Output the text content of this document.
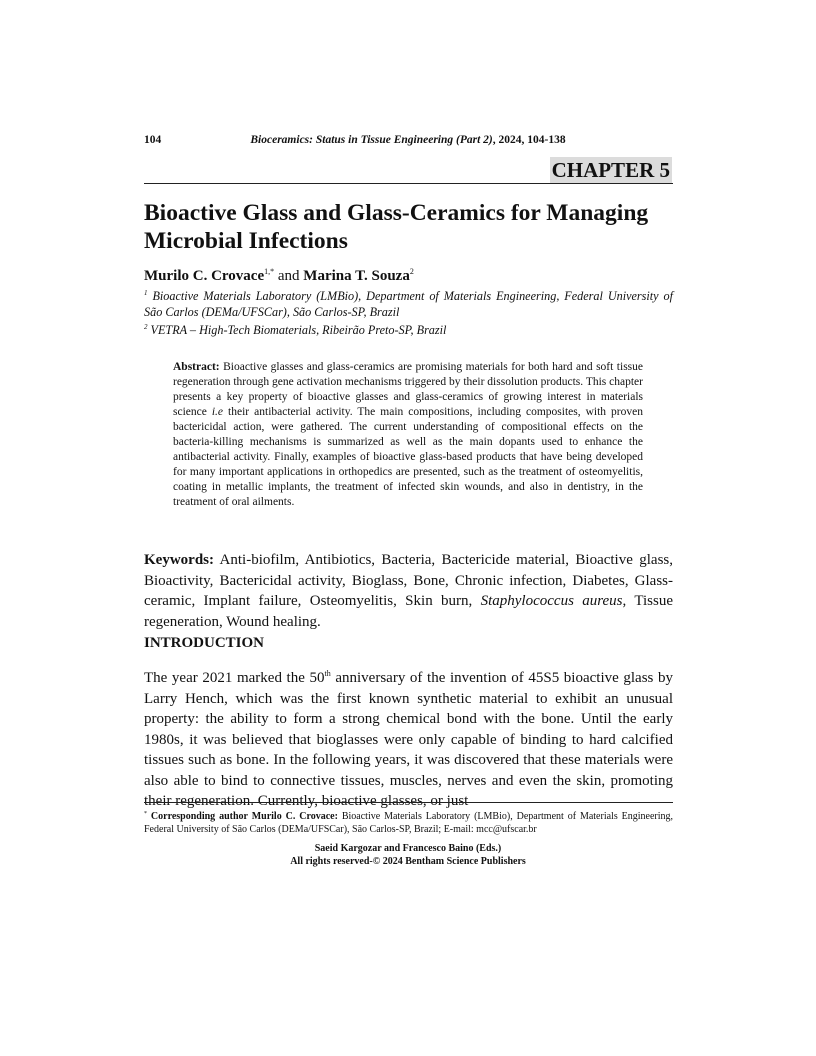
104	Bioceramics: Status in Tissue Engineering (Part 2), 2024, 104-138
CHAPTER 5
Bioactive Glass and Glass-Ceramics for Managing Microbial Infections
Murilo C. Crovace$^{1,*}$ and Marina T. Souza$^2$
$^1$ Bioactive Materials Laboratory (LMBio), Department of Materials Engineering, Federal University of São Carlos (DEMa/UFSCar), São Carlos-SP, Brazil
$^2$ VETRA – High-Tech Biomaterials, Ribeirão Preto-SP, Brazil
Abstract: Bioactive glasses and glass-ceramics are promising materials for both hard and soft tissue regeneration through gene activation mechanisms triggered by their dissolution products. This chapter presents a key property of bioactive glasses and glass-ceramics of growing interest in materials science i.e their antibacterial activity. The main compositions, including composites, with proven bactericidal action, were gathered. The current understanding of compositional effects on the bacteria-killing mechanisms is summarized as well as the main dopants used to enhance the antibacterial activity. Finally, examples of bioactive glass-based products that have being developed for many important applications in orthopedics are presented, such as the treatment of osteomyelitis, coating in metallic implants, the treatment of infected skin wounds, and also in dentistry, in the treatment of oral ailments.
Keywords: Anti-biofilm, Antibiotics, Bacteria, Bactericide material, Bioactive glass, Bioactivity, Bactericidal activity, Bioglass, Bone, Chronic infection, Diabetes, Glass-ceramic, Implant failure, Osteomyelitis, Skin burn, Staphylococcus aureus, Tissue regeneration, Wound healing.
INTRODUCTION
The year 2021 marked the 50th anniversary of the invention of 45S5 bioactive glass by Larry Hench, which was the first known synthetic material to exhibit an unusual property: the ability to form a strong chemical bond with the bone. Until the early 1980s, it was believed that bioglasses were only capable of binding to hard calcified tissues such as bone. In the following years, it was discovered that these materials were also able to bind to connective tissues, muscles, nerves and even the skin, promoting their regeneration. Currently, bioactive glasses, or just
* Corresponding author Murilo C. Crovace: Bioactive Materials Laboratory (LMBio), Department of Materials Engineering, Federal University of São Carlos (DEMa/UFSCar), São Carlos-SP, Brazil; E-mail: mcc@ufscar.br
Saeid Kargozar and Francesco Baino (Eds.)
All rights reserved-© 2024 Bentham Science Publishers
